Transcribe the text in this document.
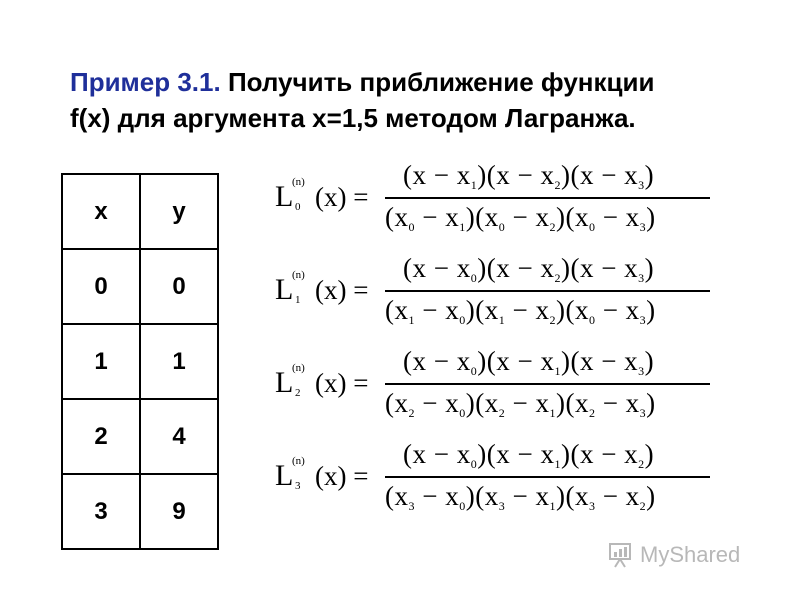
Пример 3.1. Получить приближение функции
f(x) для аргумента x=1,5 методом Лагранжа.
x	y
0	0
1	1
2	4
3	9
L
(n)
0 (x) =
$(x - x_1)(x - x_2)(x - x_3)$
$(x_0 - x_1)(x_0 - x_2)(x_0 - x_3)$
L
(n)
1 (x) =
$(x - x_0)(x - x_2)(x - x_3)$
$(x_1 - x_0)(x_1 - x_2)(x_0 - x_3)$
L
(n)
2 (x) =
$(x - x_0)(x - x_1)(x - x_3)$
$(x_2 - x_0)(x_2 - x_1)(x_2 - x_3)$
L
(n)
3 (x) =
$(x - x_0)(x - x_1)(x - x_2)$
$(x_3 - x_0)(x_3 - x_1)(x_3 - x_2)$
MyShared
